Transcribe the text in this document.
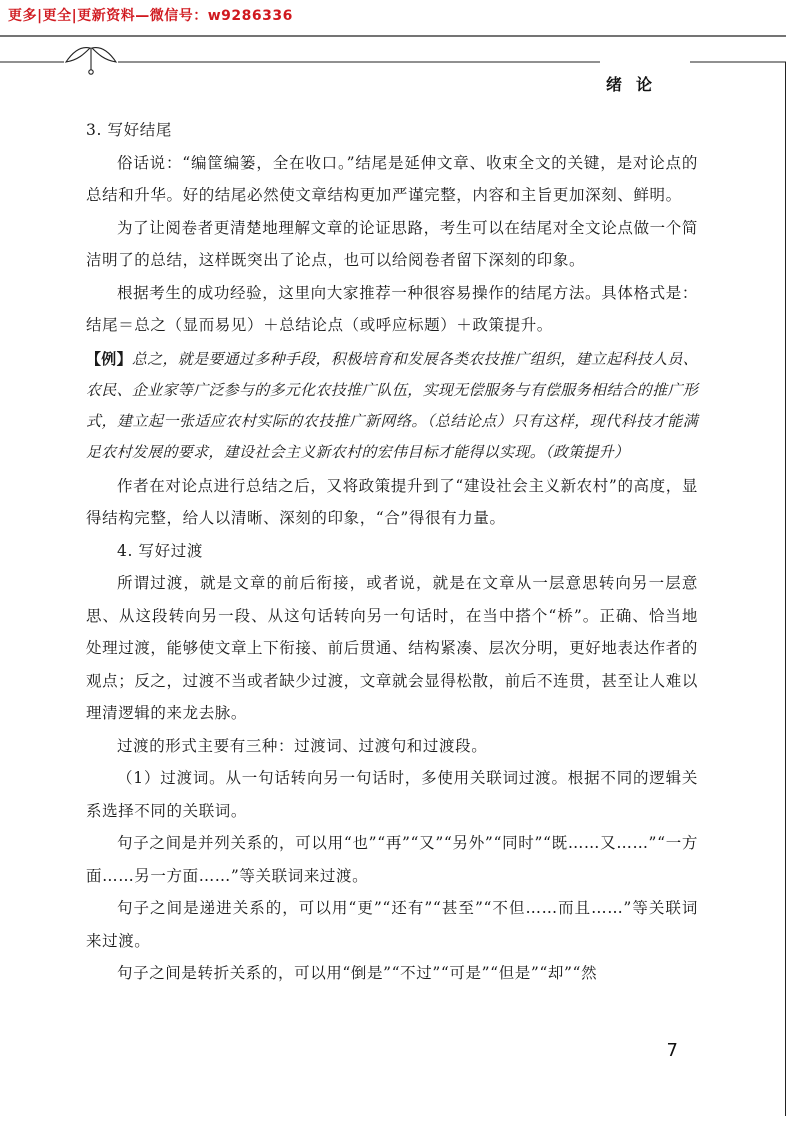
更多|更全|更新资料—微信号：w9286336
绪论

3. 写好结尾

俗话说：“编筐编篓，全在收口。”结尾是延伸文章、收束全文的关键，是对论点的总结和升华。好的结尾必然使文章结构更加严谨完整，内容和主旨更加深刻、鲜明。

为了让阅卷者更清楚地理解文章的论证思路，考生可以在结尾对全文论点做一个简洁明了的总结，这样既突出了论点，也可以给阅卷者留下深刻的印象。

根据考生的成功经验，这里向大家推荐一种很容易操作的结尾方法。具体格式是：结尾＝总之（显而易见）＋总结论点（或呼应标题）＋政策提升。

【例】总之，就是要通过多种手段，积极培育和发展各类农技推广组织，建立起科技人员、农民、企业家等广泛参与的多元化农技推广队伍，实现无偿服务与有偿服务相结合的推广形式，建立起一张适应农村实际的农技推广新网络。（总结论点）只有这样，现代科技才能满足农村发展的要求，建设社会主义新农村的宏伟目标才能得以实现。（政策提升）

作者在对论点进行总结之后，又将政策提升到了“建设社会主义新农村”的高度，显得结构完整，给人以清晰、深刻的印象，“合”得很有力量。

4. 写好过渡

所谓过渡，就是文章的前后衔接，或者说，就是在文章从一层意思转向另一层意思、从这段转向另一段、从这句话转向另一句话时，在当中搭个“桥”。正确、恰当地处理过渡，能够使文章上下衔接、前后贯通、结构紧凑、层次分明，更好地表达作者的观点；反之，过渡不当或者缺少过渡，文章就会显得松散，前后不连贯，甚至让人难以理清逻辑的来龙去脉。

过渡的形式主要有三种：过渡词、过渡句和过渡段。

（1）过渡词。从一句话转向另一句话时，多使用关联词过渡。根据不同的逻辑关系选择不同的关联词。

句子之间是并列关系的，可以用“也”“再”“又”“另外”“同时”“既……又……”“一方面……另一方面……”等关联词来过渡。

句子之间是递进关系的，可以用“更”“还有”“甚至”“不但……而且……”等关联词来过渡。

句子之间是转折关系的，可以用“倒是”“不过”“可是”“但是”“却”“然

7
